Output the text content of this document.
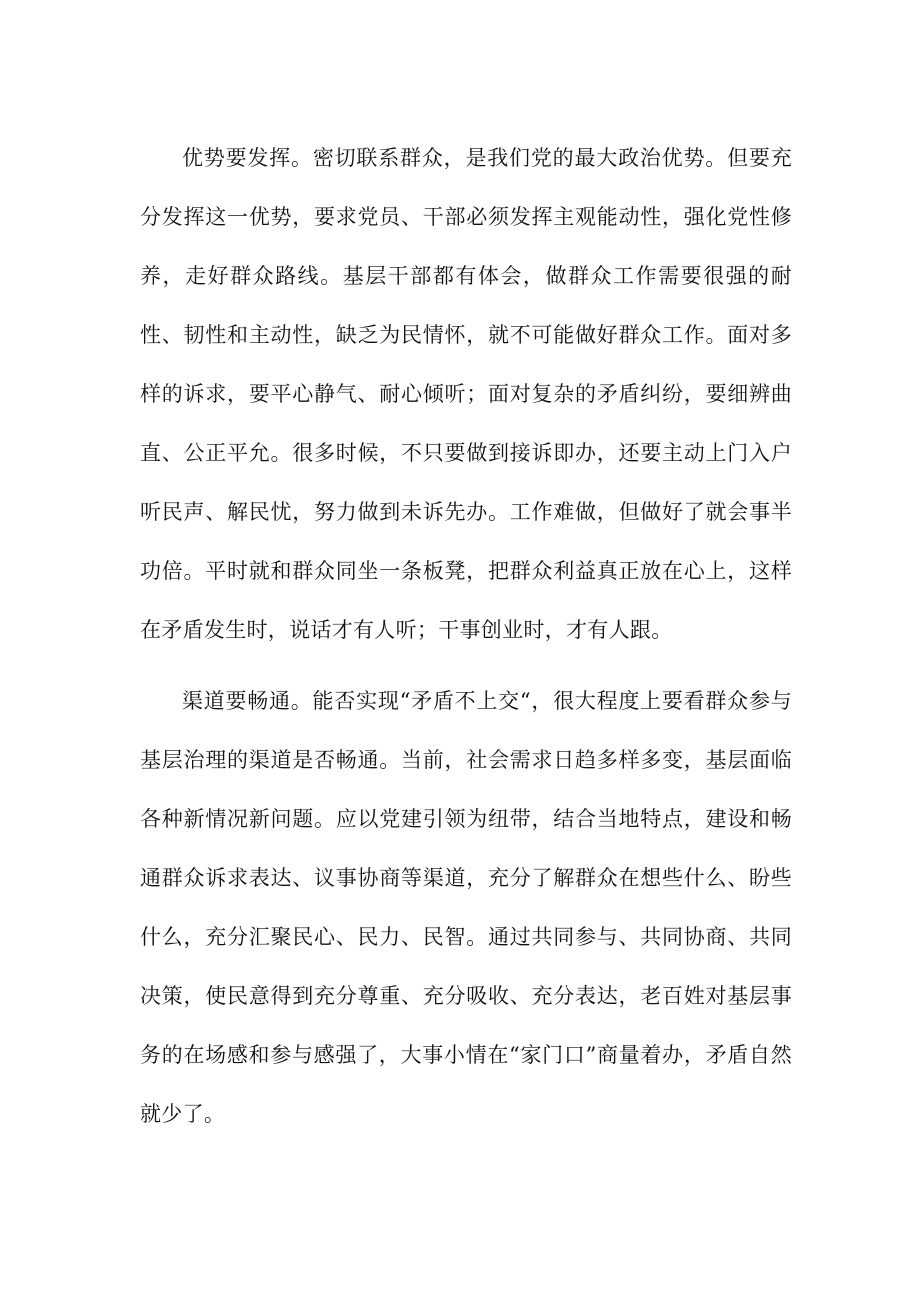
优势要发挥。密切联系群众，是我们党的最大政治优势。但要充分发挥这一优势，要求党员、干部必须发挥主观能动性，强化党性修养，走好群众路线。基层干部都有体会，做群众工作需要很强的耐性、韧性和主动性，缺乏为民情怀，就不可能做好群众工作。面对多样的诉求，要平心静气、耐心倾听；面对复杂的矛盾纠纷，要细辨曲直、公正平允。很多时候，不只要做到接诉即办，还要主动上门入户听民声、解民忧，努力做到未诉先办。工作难做，但做好了就会事半功倍。平时就和群众同坐一条板凳，把群众利益真正放在心上，这样在矛盾发生时，说话才有人听；干事创业时，才有人跟。

渠道要畅通。能否实现“矛盾不上交“，很大程度上要看群众参与基层治理的渠道是否畅通。当前，社会需求日趋多样多变，基层面临各种新情况新问题。应以党建引领为纽带，结合当地特点，建设和畅通群众诉求表达、议事协商等渠道，充分了解群众在想些什么、盼些什么，充分汇聚民心、民力、民智。通过共同参与、共同协商、共同决策，使民意得到充分尊重、充分吸收、充分表达，老百姓对基层事务的在场感和参与感强了，大事小情在“家门口”商量着办，矛盾自然就少了。
